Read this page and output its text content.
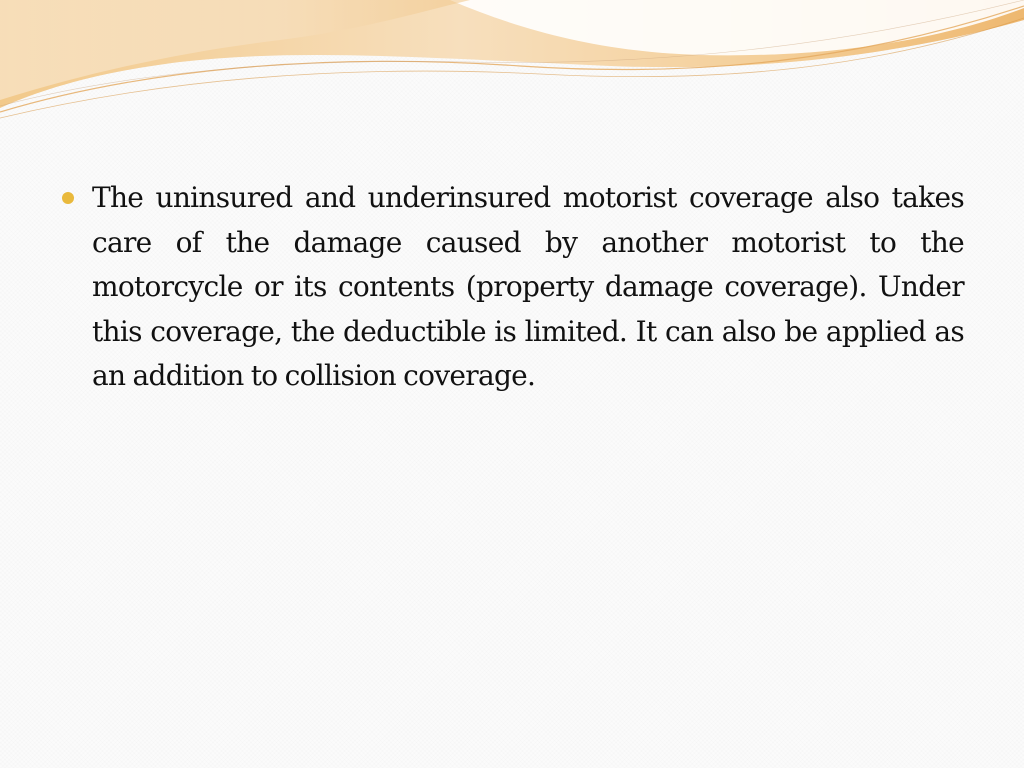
The uninsured and underinsured motorist coverage also takes care of the damage caused by another motorist to the motorcycle or its contents (property damage coverage). Under this coverage, the deductible is limited. It can also be applied as an addition to collision coverage.
